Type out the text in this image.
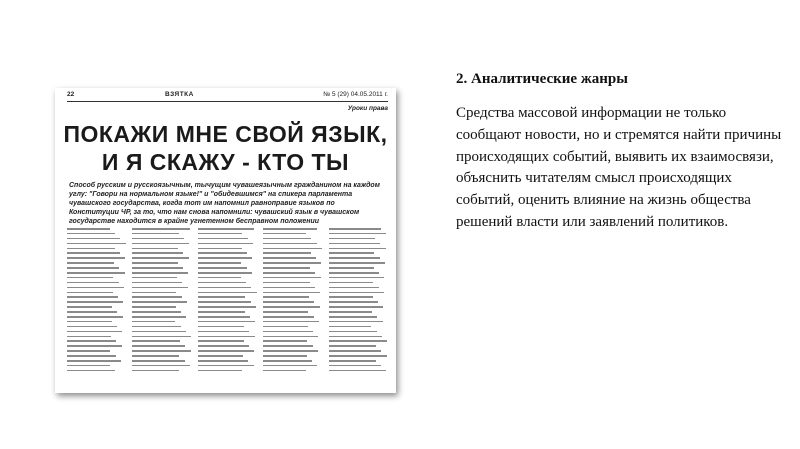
22	ВЗЯТКА	№ 5 (29) 04.05.2011 г.
Уроки права
ПОКАЖИ МНЕ СВОЙ ЯЗЫК,
И Я СКАЖУ - КТО ТЫ
Способ русским и русскоязычным, тычущим чувашеязычным гражданином на каждом углу: "Говори на нормальном языке!" и "обидевшимся" на спикера парламента чувашского государства, когда тот им напомнил равноправие языков по Конституции ЧР, за то, что нам снова напомнили: чувашский язык в чувашском государстве находится в крайне угнетенном бесправном положении
2. Аналитические жанры

Средства массовой информации не только сообщают новости, но и стремятся найти причины происходящих событий, выявить их взаимосвязи, объяснить читателям смысл происходящих событий, оценить влияние на жизнь общества решений власти или заявлений политиков.
